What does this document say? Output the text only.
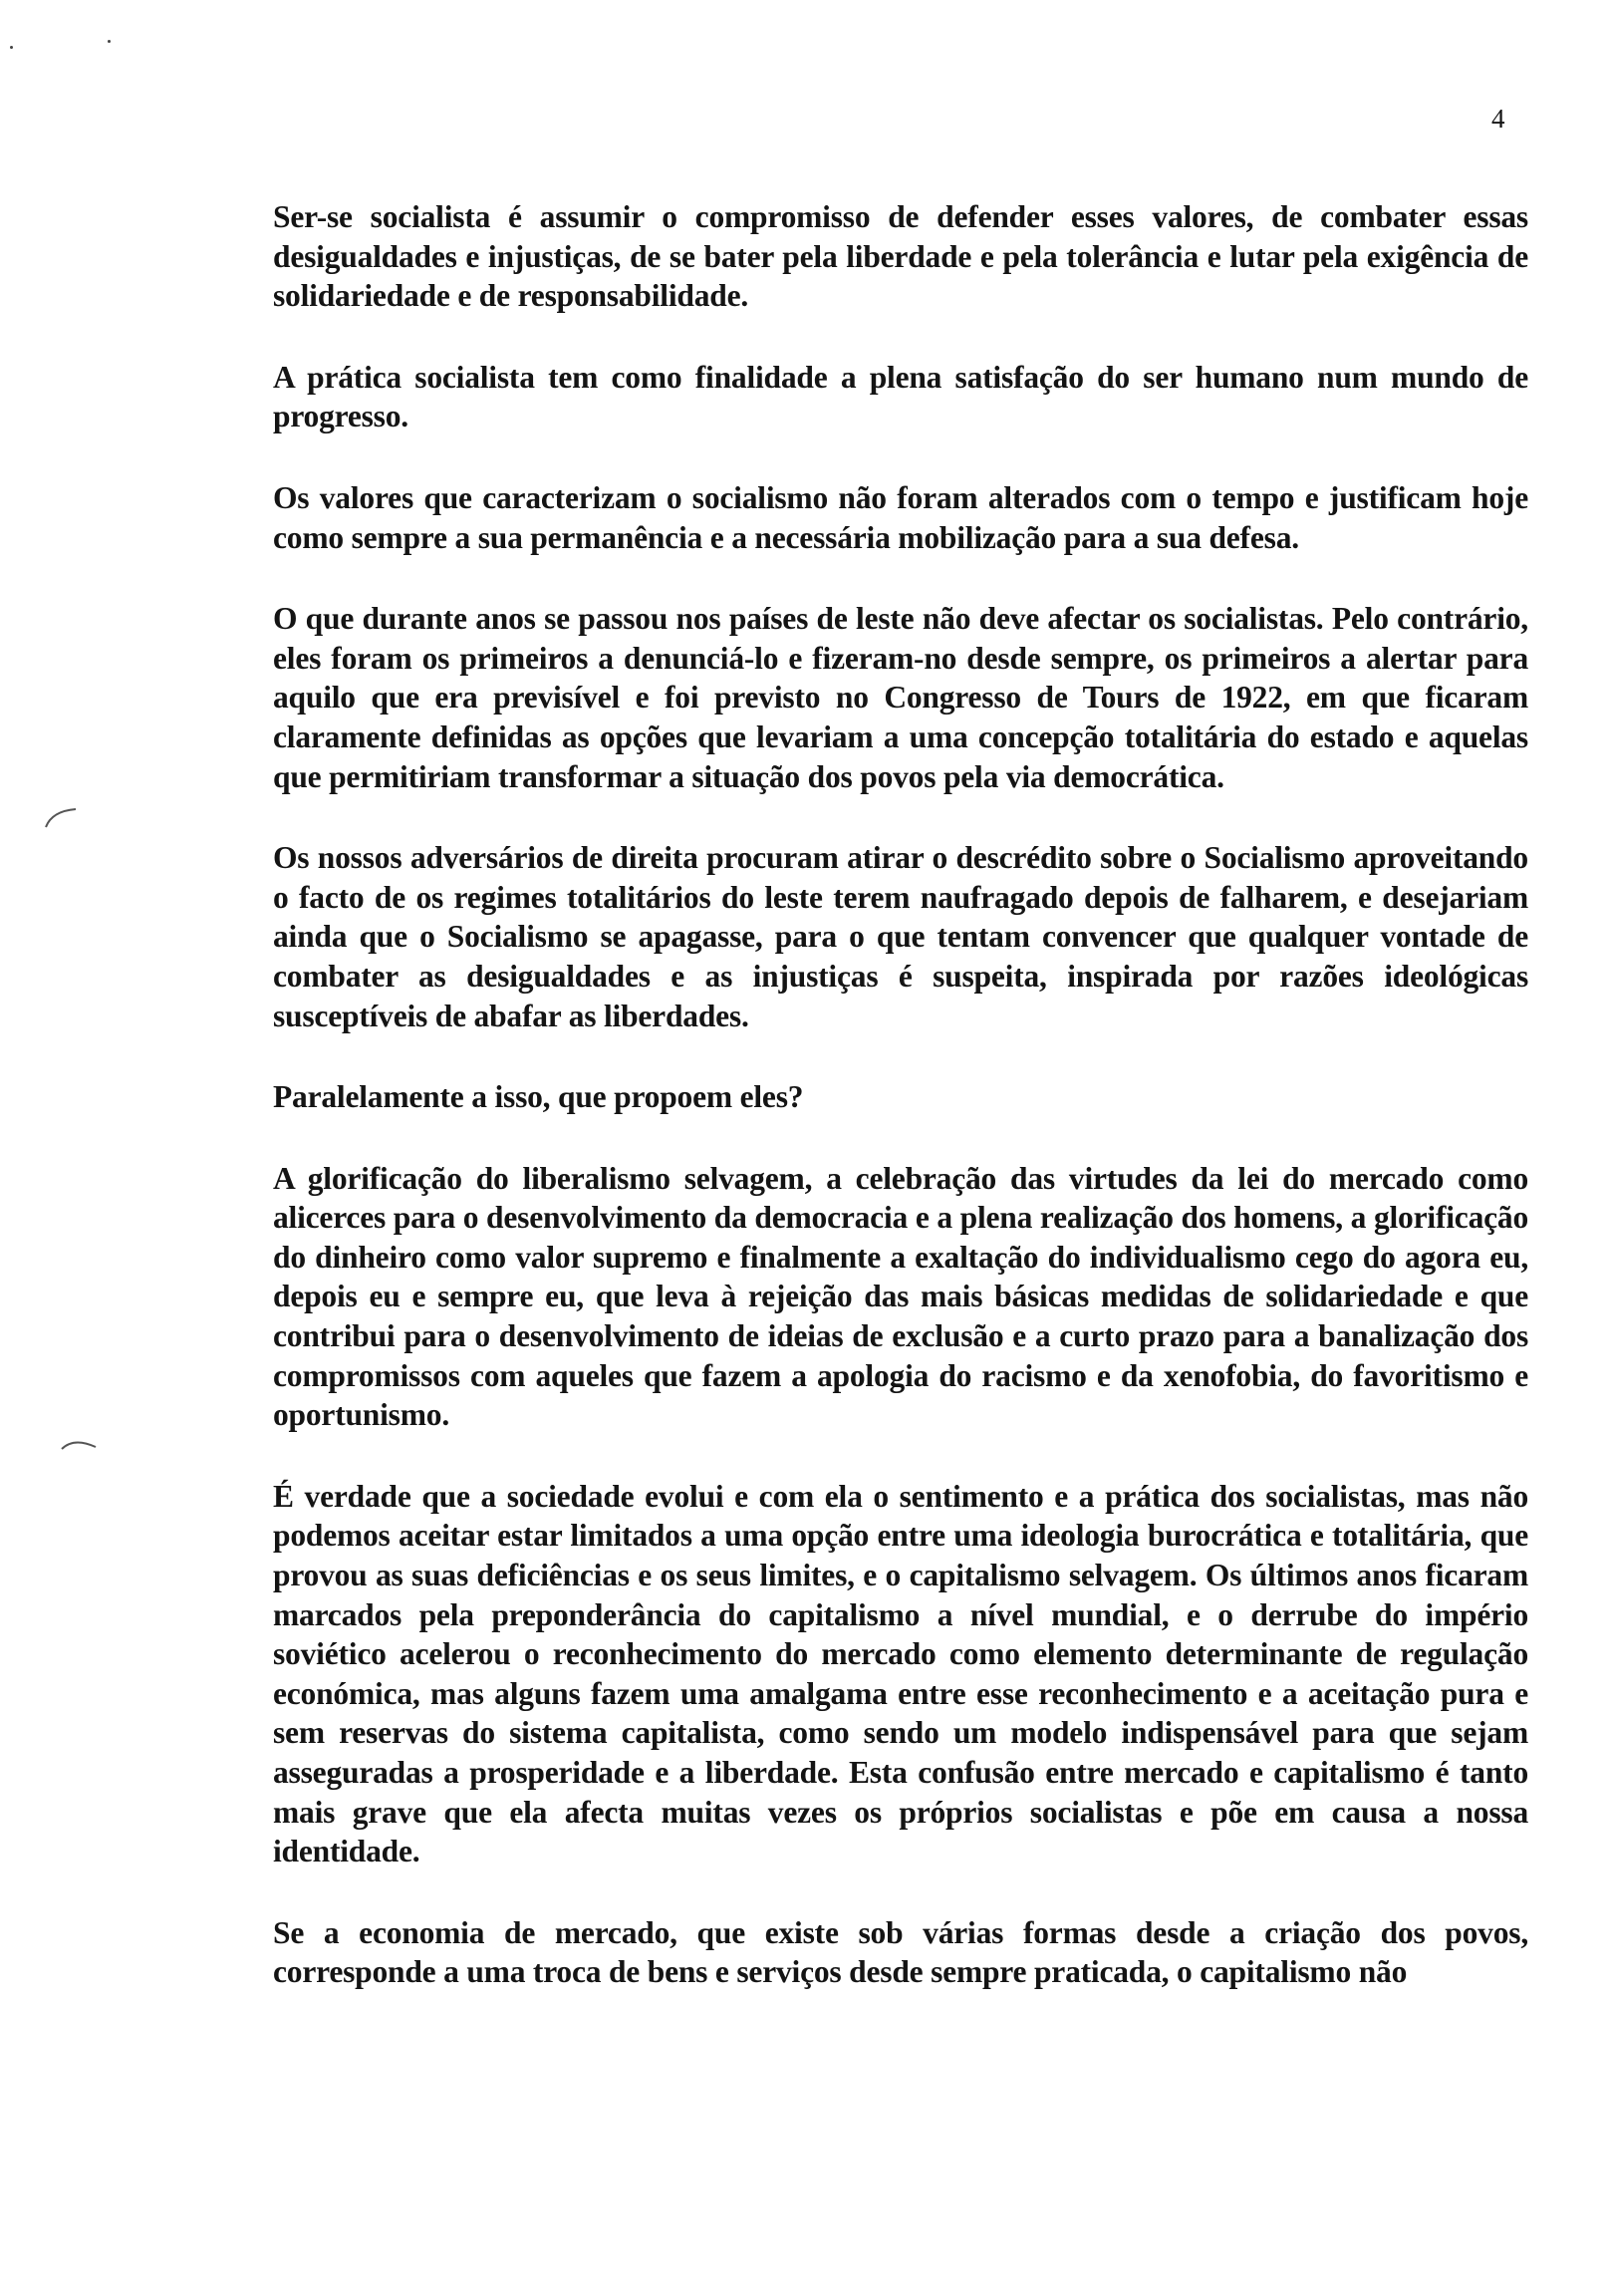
4

Ser-se socialista é assumir o compromisso de defender esses valores, de combater essas desigualdades e injustiças, de se bater pela liberdade e pela tolerância e lutar pela exigência de solidariedade e de responsabilidade.

A prática socialista tem como finalidade a plena satisfação do ser humano num mundo de progresso.

Os valores que caracterizam o socialismo não foram alterados com o tempo e justificam hoje como sempre a sua permanência e a necessária mobilização para a sua defesa.

O que durante anos se passou nos países de leste não deve afectar os socialistas. Pelo contrário, eles foram os primeiros a denunciá-lo e fizeram-no desde sempre, os primeiros a alertar para aquilo que era previsível e foi previsto no Congresso de Tours de 1922, em que ficaram claramente definidas as opções que levariam a uma concepção totalitária do estado e aquelas que permitiriam transformar a situação dos povos pela via democrática.

Os nossos adversários de direita procuram atirar o descrédito sobre o Socialismo aproveitando o facto de os regimes totalitários do leste terem naufragado depois de falharem, e desejariam ainda que o Socialismo se apagasse, para o que tentam convencer que qualquer vontade de combater as desigualdades e as injustiças é suspeita, inspirada por razões ideológicas susceptíveis de abafar as liberdades.

Paralelamente a isso, que propoem eles?

A glorificação do liberalismo selvagem, a celebração das virtudes da lei do mercado como alicerces para o desenvolvimento da democracia e a plena realização dos homens, a glorificação do dinheiro como valor supremo e finalmente a exaltação do individualismo cego do agora eu, depois eu e sempre eu, que leva à rejeição das mais básicas medidas de solidariedade e que contribui para o desenvolvimento de ideias de exclusão e a curto prazo para a banalização dos compromissos com aqueles que fazem a apologia do racismo e da xenofobia, do favoritismo e oportunismo.

É verdade que a sociedade evolui e com ela o sentimento e a prática dos socialistas, mas não podemos aceitar estar limitados a uma opção entre uma ideologia burocrática e totalitária, que provou as suas deficiências e os seus limites, e o capitalismo selvagem. Os últimos anos ficaram marcados pela preponderância do capitalismo a nível mundial, e o derrube do império soviético acelerou o reconhecimento do mercado como elemento determinante de regulação económica, mas alguns fazem uma amalgama entre esse reconhecimento e a aceitação pura e sem reservas do sistema capitalista, como sendo um modelo indispensável para que sejam asseguradas a prosperidade e a liberdade. Esta confusão entre mercado e capitalismo é tanto mais grave que ela afecta muitas vezes os próprios socialistas e põe em causa a nossa identidade.

Se a economia de mercado, que existe sob várias formas desde a criação dos povos, corresponde a uma troca de bens e serviços desde sempre praticada, o capitalismo não
